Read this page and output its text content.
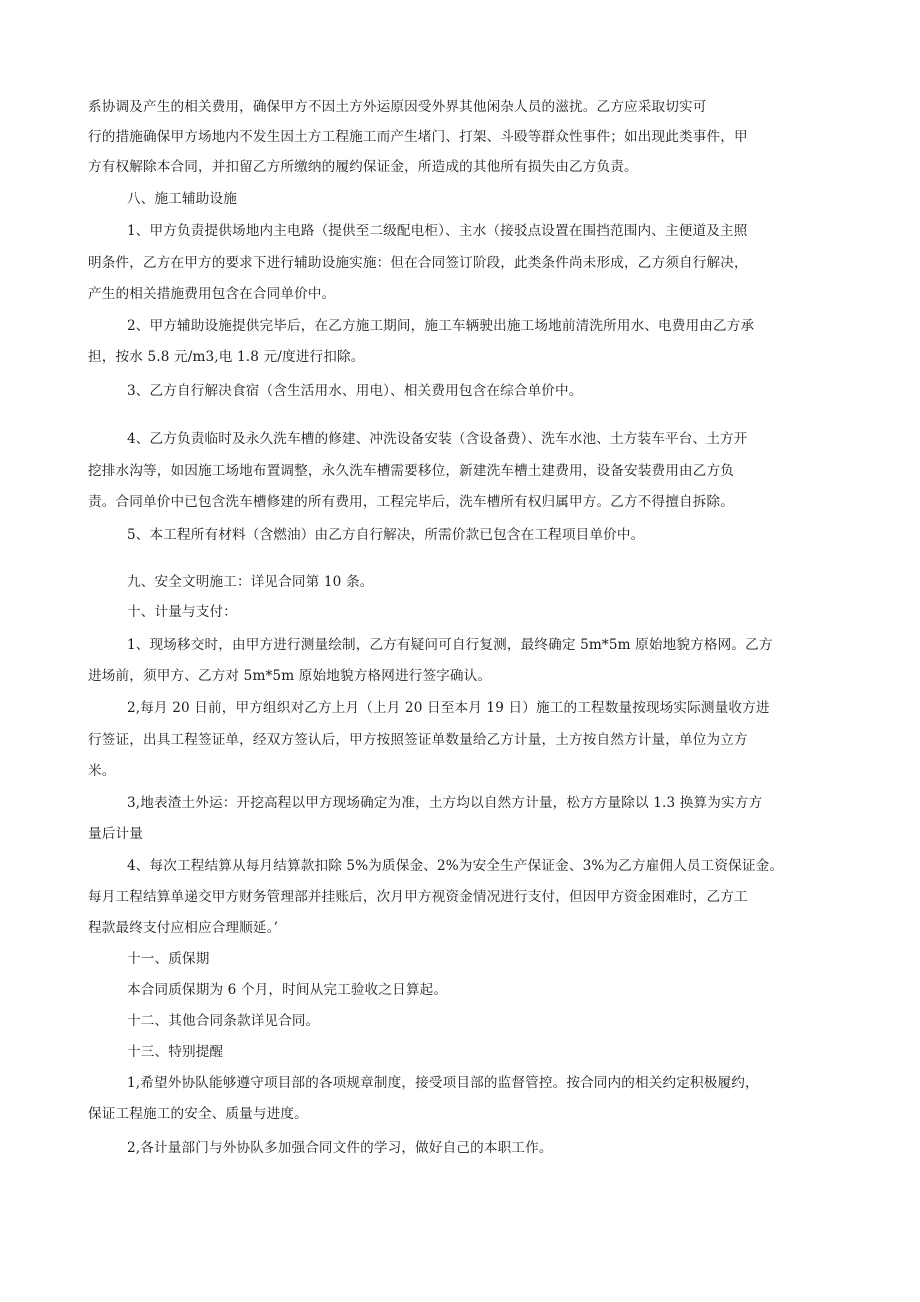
系协调及产生的相关费用，确保甲方不因土方外运原因受外界其他闲杂人员的滋扰。乙方应采取切实可
行的措施确保甲方场地内不发生因土方工程施工而产生堵门、打架、斗殴等群众性事件；如出现此类事件，甲
方有权解除本合同，并扣留乙方所缴纳的履约保证金，所造成的其他所有损失由乙方负责。
八、施工辅助设施
1、甲方负责提供场地内主电路（提供至二级配电柜）、主水（接驳点设置在围挡范围内、主便道及主照
明条件，乙方在甲方的要求下进行辅助设施实施：但在合同签订阶段，此类条件尚未形成，乙方须自行解决，
产生的相关措施费用包含在合同单价中。
2、甲方辅助设施提供完毕后，在乙方施工期间，施工车辆驶出施工场地前清洗所用水、电费用由乙方承
担，按水 5.8 元/m3,电 1.8 元/度进行扣除。
3、乙方自行解决食宿（含生活用水、用电）、相关费用包含在综合单价中。
4、乙方负责临时及永久洗车槽的修建、冲洗设备安装（含设备费）、洗车水池、土方装车平台、土方开
挖排水沟等，如因施工场地布置调整，永久洗车槽需要移位，新建洗车槽土建费用，设备安装费用由乙方负
责。合同单价中已包含洗车槽修建的所有费用，工程完毕后，洗车槽所有权归属甲方。乙方不得擅自拆除。
5、本工程所有材料（含燃油）由乙方自行解决，所需价款已包含在工程项目单价中。
九、安全文明施工：详见合同第 10 条。
十、计量与支付：
1、现场移交时，由甲方进行测量绘制，乙方有疑问可自行复测，最终确定 5m*5m 原始地貌方格网。乙方
进场前，须甲方、乙方对 5m*5m 原始地貌方格网进行签字确认。
2,每月 20 日前，甲方组织对乙方上月（上月 20 日至本月 19 日）施工的工程数量按现场实际测量收方进
行签证，出具工程签证单，经双方签认后，甲方按照签证单数量给乙方计量，土方按自然方计量，单位为立方
米。
3,地表渣土外运：开挖高程以甲方现场确定为准，土方均以自然方计量，松方方量除以 1.3 换算为实方方
量后计量
4、每次工程结算从每月结算款扣除 5%为质保金、2%为安全生产保证金、3%为乙方雇佣人员工资保证金。
每月工程结算单递交甲方财务管理部并挂账后，次月甲方视资金情况进行支付，但因甲方资金困难时，乙方工
程款最终支付应相应合理顺延。’
十一、质保期
本合同质保期为 6 个月，时间从完工验收之日算起。
十二、其他合同条款详见合同。
十三、特别提醒
1,希望外协队能够遵守项目部的各项规章制度，接受项目部的监督管控。按合同内的相关约定积极履约，
保证工程施工的安全、质量与进度。
2,各计量部门与外协队多加强合同文件的学习，做好自己的本职工作。
